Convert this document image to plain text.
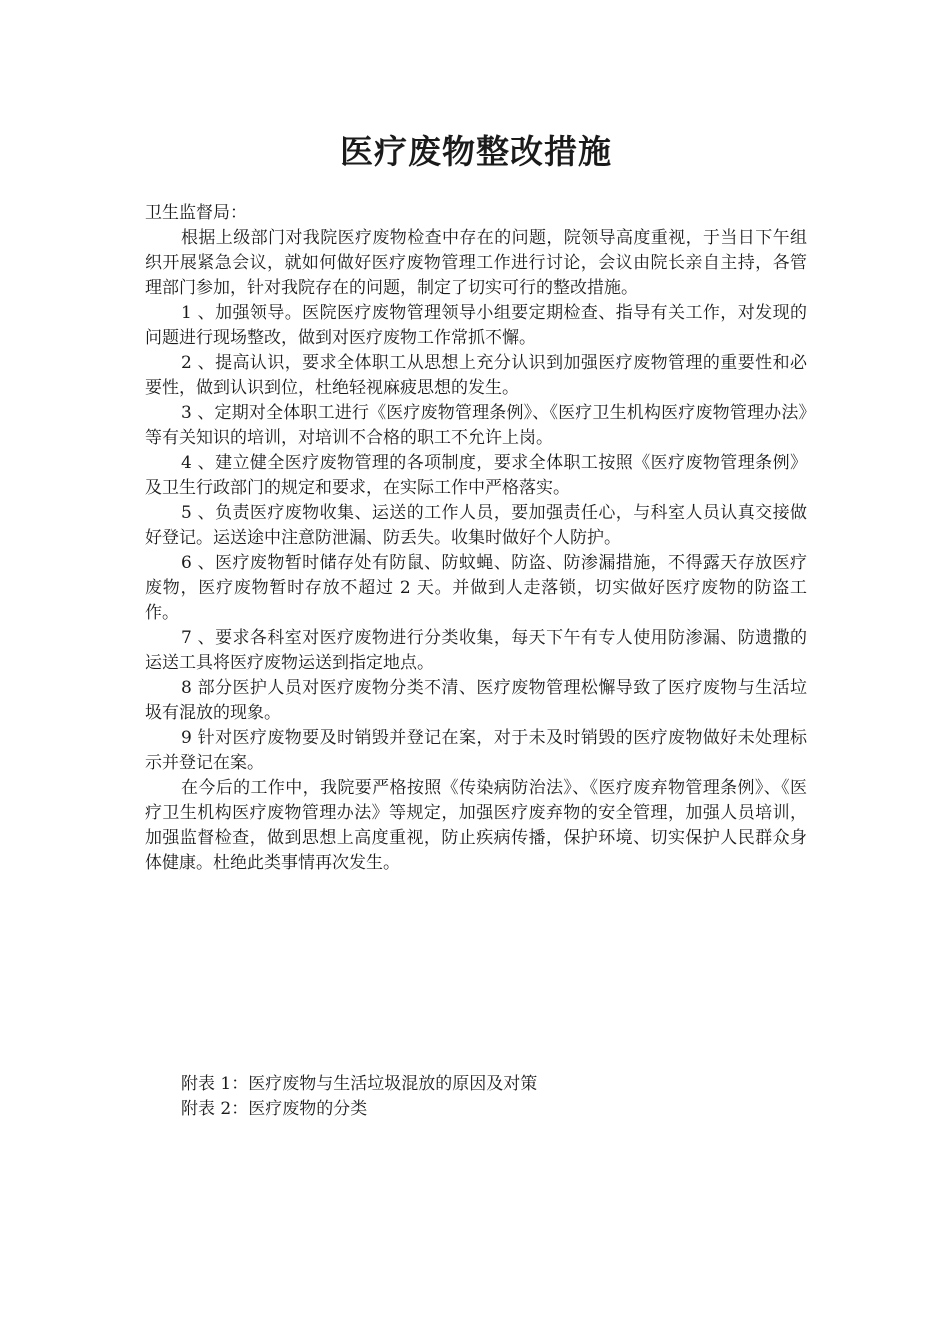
医疗废物整改措施

卫生监督局：

根据上级部门对我院医疗废物检查中存在的问题，院领导高度重视，于当日下午组织开展紧急会议，就如何做好医疗废物管理工作进行讨论，会议由院长亲自主持，各管理部门参加，针对我院存在的问题，制定了切实可行的整改措施。

1 、加强领导。医院医疗废物管理领导小组要定期检查、指导有关工作，对发现的问题进行现场整改，做到对医疗废物工作常抓不懈。

2 、提高认识，要求全体职工从思想上充分认识到加强医疗废物管理的重要性和必要性，做到认识到位，杜绝轻视麻疲思想的发生。

3 、定期对全体职工进行《医疗废物管理条例》、《医疗卫生机构医疗废物管理办法》等有关知识的培训，对培训不合格的职工不允许上岗。

4 、建立健全医疗废物管理的各项制度，要求全体职工按照《医疗废物管理条例》及卫生行政部门的规定和要求，在实际工作中严格落实。

5 、负责医疗废物收集、运送的工作人员，要加强责任心，与科室人员认真交接做好登记。运送途中注意防泄漏、防丢失。收集时做好个人防护。

6 、医疗废物暂时储存处有防鼠、防蚊蝇、防盗、防渗漏措施，不得露天存放医疗废物，医疗废物暂时存放不超过 2 天。并做到人走落锁，切实做好医疗废物的防盗工作。

7 、要求各科室对医疗废物进行分类收集，每天下午有专人使用防渗漏、防遗撒的运送工具将医疗废物运送到指定地点。

8 部分医护人员对医疗废物分类不清、医疗废物管理松懈导致了医疗废物与生活垃圾有混放的现象。

9 针对医疗废物要及时销毁并登记在案，对于未及时销毁的医疗废物做好未处理标示并登记在案。

在今后的工作中，我院要严格按照《传染病防治法》、《医疗废弃物管理条例》、《医疗卫生机构医疗废物管理办法》等规定，加强医疗废弃物的安全管理，加强人员培训，加强监督检查，做到思想上高度重视，防止疾病传播，保护环境、切实保护人民群众身体健康。杜绝此类事情再次发生。

附表 1：医疗废物与生活垃圾混放的原因及对策

附表 2：医疗废物的分类
